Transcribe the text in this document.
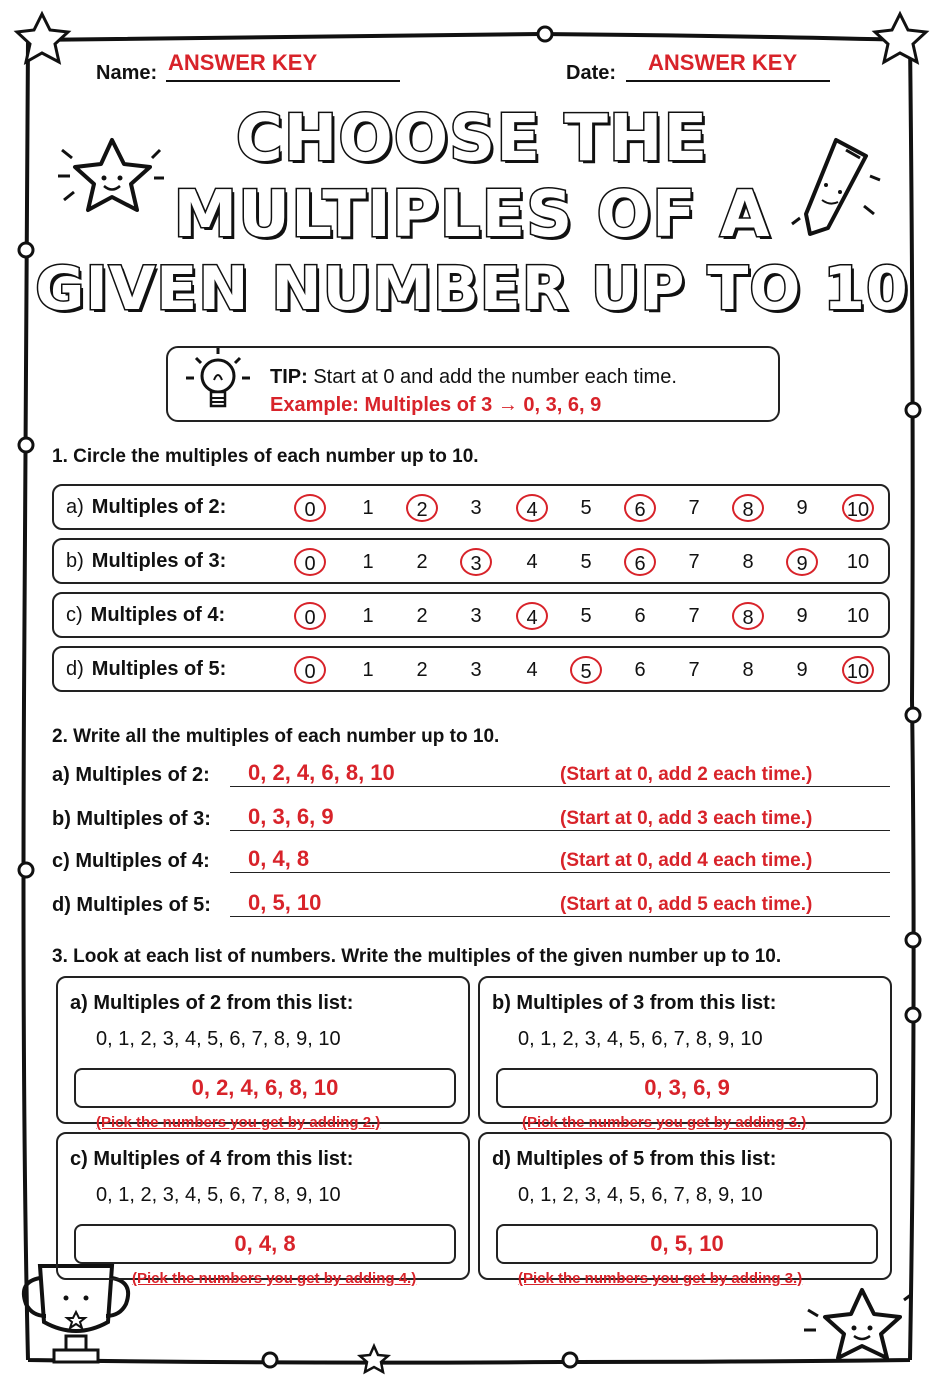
Name: ANSWER KEY	Date: ANSWER KEY
CHOOSE THE
MULTIPLES OF A
GIVEN NUMBER UP TO 10
TIP: Start at 0 and add the number each time.
Example: Multiples of 3 → 0, 3, 6, 9
1. Circle the multiples of each number up to 10.
a) Multiples of 2:	0	1	2	3	4	5	6	7	8	9	10
b) Multiples of 3:	0	1	2	3	4	5	6	7	8	9	10
c) Multiples of 4:	0	1	2	3	4	5	6	7	8	9	10
d) Multiples of 5:	0	1	2	3	4	5	6	7	8	9	10
2. Write all the multiples of each number up to 10.
a) Multiples of 2: 0, 2, 4, 6, 8, 10	(Start at 0, add 2 each time.)
b) Multiples of 3: 0, 3, 6, 9	(Start at 0, add 3 each time.)
c) Multiples of 4: 0, 4, 8	(Start at 0, add 4 each time.)
d) Multiples of 5: 0, 5, 10	(Start at 0, add 5 each time.)
3. Look at each list of numbers. Write the multiples of the given number up to 10.
a) Multiples of 2 from this list:
0, 1, 2, 3, 4, 5, 6, 7, 8, 9, 10
0, 2, 4, 6, 8, 10
(Pick the numbers you get by adding 2.)
b) Multiples of 3 from this list:
0, 1, 2, 3, 4, 5, 6, 7, 8, 9, 10
0, 3, 6, 9
(Pick the numbers you get by adding 3.)
c) Multiples of 4 from this list:
0, 1, 2, 3, 4, 5, 6, 7, 8, 9, 10
0, 4, 8
(Pick the numbers you get by adding 4.)
d) Multiples of 5 from this list:
0, 1, 2, 3, 4, 5, 6, 7, 8, 9, 10
0, 5, 10
(Pick the numbers you get by adding 3.)
